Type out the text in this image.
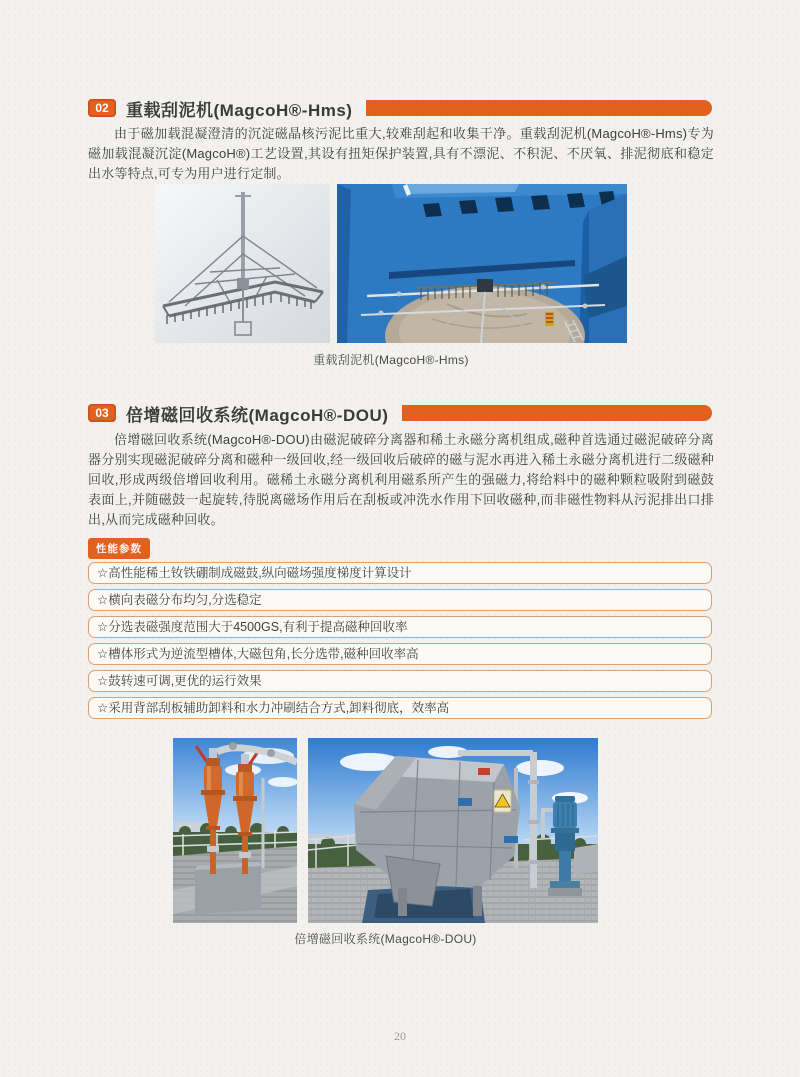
02	重载刮泥机(MagcoH®-Hms)

由于磁加载混凝澄清的沉淀磁晶核污泥比重大,较难刮起和收集干净。重载刮泥机(MagcoH®-Hms)专为磁加载混凝沉淀(MagcoH®)工艺设置,其设有扭矩保护装置,具有不漂泥、不积泥、不厌氧、排泥彻底和稳定出水等特点,可专为用户进行定制。

重载刮泥机(MagcoH®-Hms)

03	倍增磁回收系统(MagcoH®-DOU)

倍增磁回收系统(MagcoH®-DOU)由磁泥破碎分离器和稀土永磁分离机组成,磁种首选通过磁泥破碎分离器分别实现磁泥破碎分离和磁种一级回收,经一级回收后破碎的磁与泥水再进入稀土永磁分离机进行二级磁种回收,形成两级倍增回收利用。磁稀土永磁分离机利用磁系所产生的强磁力,将给料中的磁种颗粒吸附到磁鼓表面上,并随磁鼓一起旋转,待脱离磁场作用后在刮板或冲洗水作用下回收磁种,而非磁性物料从污泥排出口排出,从而完成磁种回收。

性能参数
☆高性能稀土钕铁硼制成磁鼓,纵向磁场强度梯度计算设计
☆横向表磁分布均匀,分选稳定
☆分选表磁强度范围大于4500GS,有利于提高磁种回收率
☆槽体形式为逆流型槽体,大磁包角,长分选带,磁种回收率高
☆鼓转速可调,更优的运行效果
☆采用背部刮板辅助卸料和水力冲刷结合方式,卸料彻底，效率高

倍增磁回收系统(MagcoH®-DOU)

20
